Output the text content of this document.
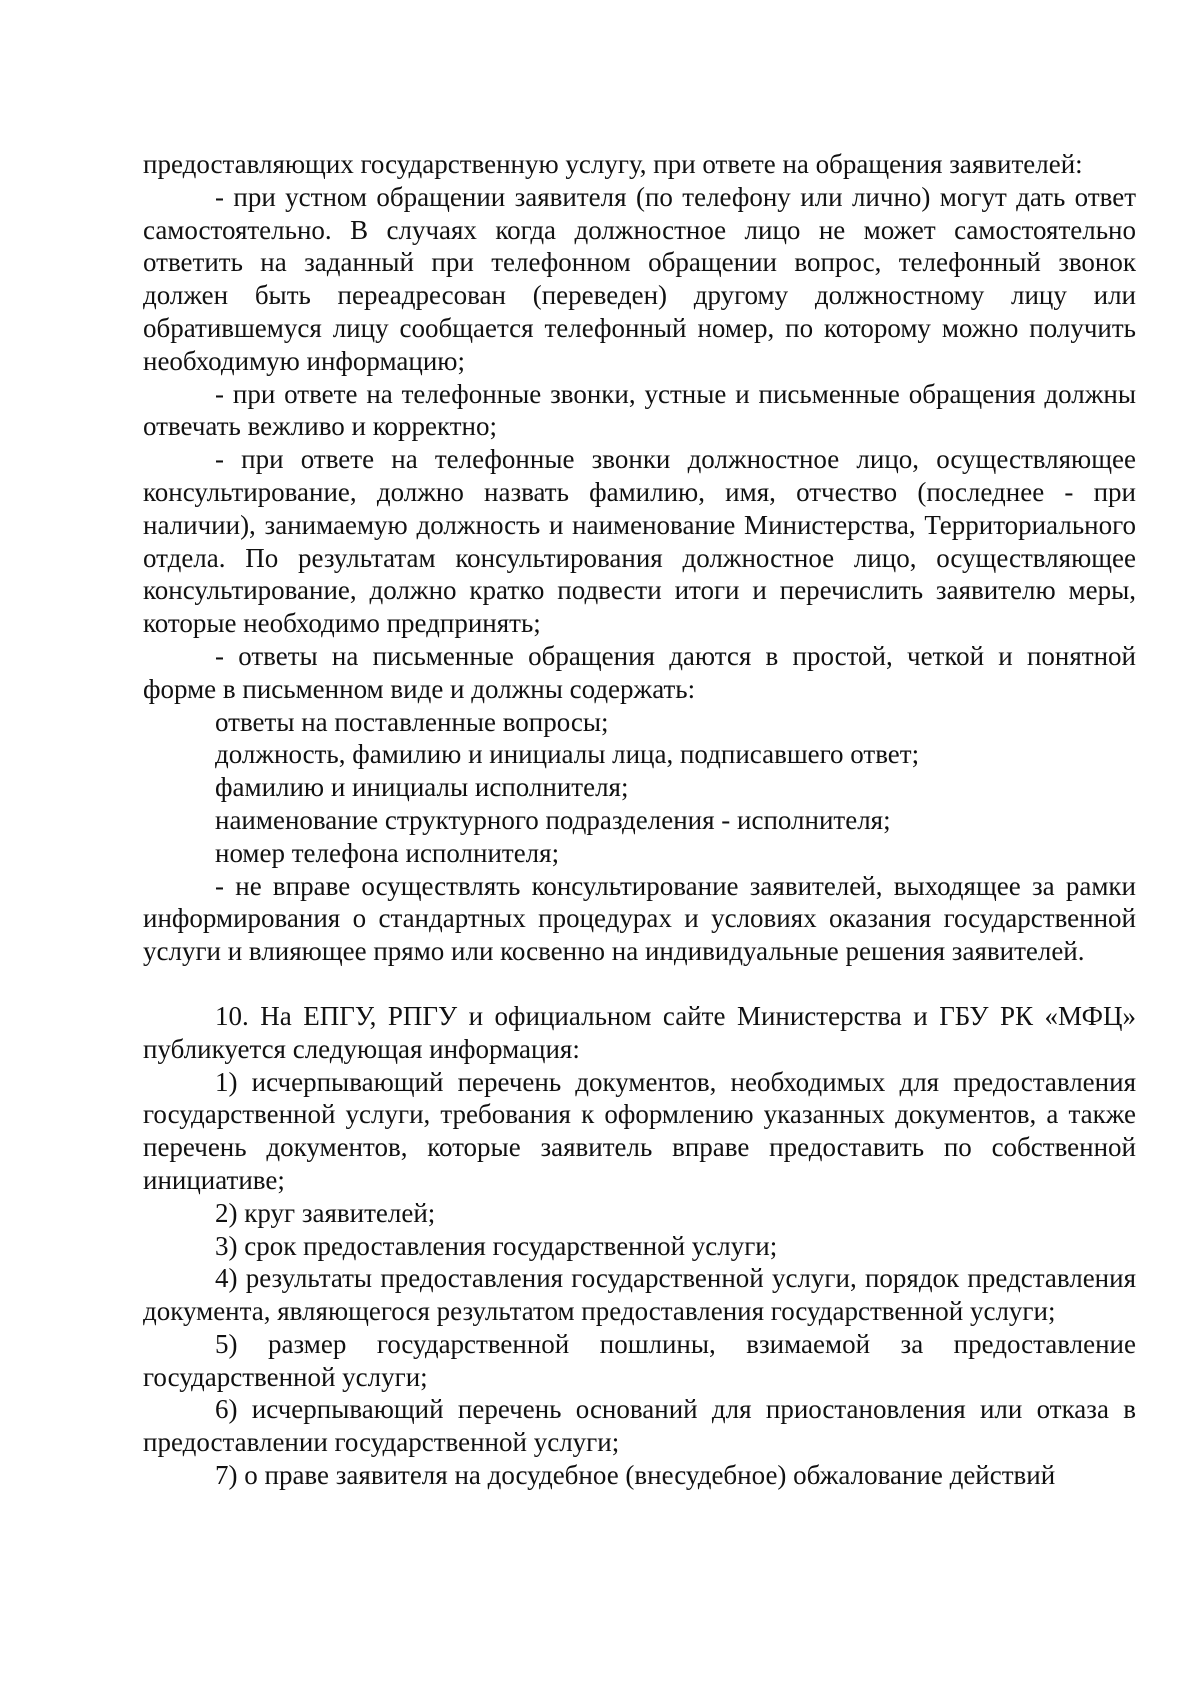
предоставляющих государственную услугу, при ответе на обращения заявителей:

- при устном обращении заявителя (по телефону или лично) могут дать ответ самостоятельно. В случаях когда должностное лицо не может самостоятельно ответить на заданный при телефонном обращении вопрос, телефонный звонок должен быть переадресован (переведен) другому должностному лицу или обратившемуся лицу сообщается телефонный номер, по которому можно получить необходимую информацию;

- при ответе на телефонные звонки, устные и письменные обращения должны отвечать вежливо и корректно;

- при ответе на телефонные звонки должностное лицо, осуществляющее консультирование, должно назвать фамилию, имя, отчество (последнее - при наличии), занимаемую должность и наименование Министерства, Территориального отдела. По результатам консультирования должностное лицо, осуществляющее консультирование, должно кратко подвести итоги и перечислить заявителю меры, которые необходимо предпринять;

- ответы на письменные обращения даются в простой, четкой и понятной форме в письменном виде и должны содержать:

ответы на поставленные вопросы;

должность, фамилию и инициалы лица, подписавшего ответ;

фамилию и инициалы исполнителя;

наименование структурного подразделения - исполнителя;

номер телефона исполнителя;

- не вправе осуществлять консультирование заявителей, выходящее за рамки информирования о стандартных процедурах и условиях оказания государственной услуги и влияющее прямо или косвенно на индивидуальные решения заявителей.

10. На ЕПГУ, РПГУ и официальном сайте Министерства и ГБУ РК «МФЦ» публикуется следующая информация:

1) исчерпывающий перечень документов, необходимых для предоставления государственной услуги, требования к оформлению указанных документов, а также перечень документов, которые заявитель вправе предоставить по собственной инициативе;

2) круг заявителей;

3) срок предоставления государственной услуги;

4) результаты предоставления государственной услуги, порядок представления документа, являющегося результатом предоставления государственной услуги;

5) размер государственной пошлины, взимаемой за предоставление государственной услуги;

6) исчерпывающий перечень оснований для приостановления или отказа в предоставлении государственной услуги;

7) о праве заявителя на досудебное (внесудебное) обжалование действий
